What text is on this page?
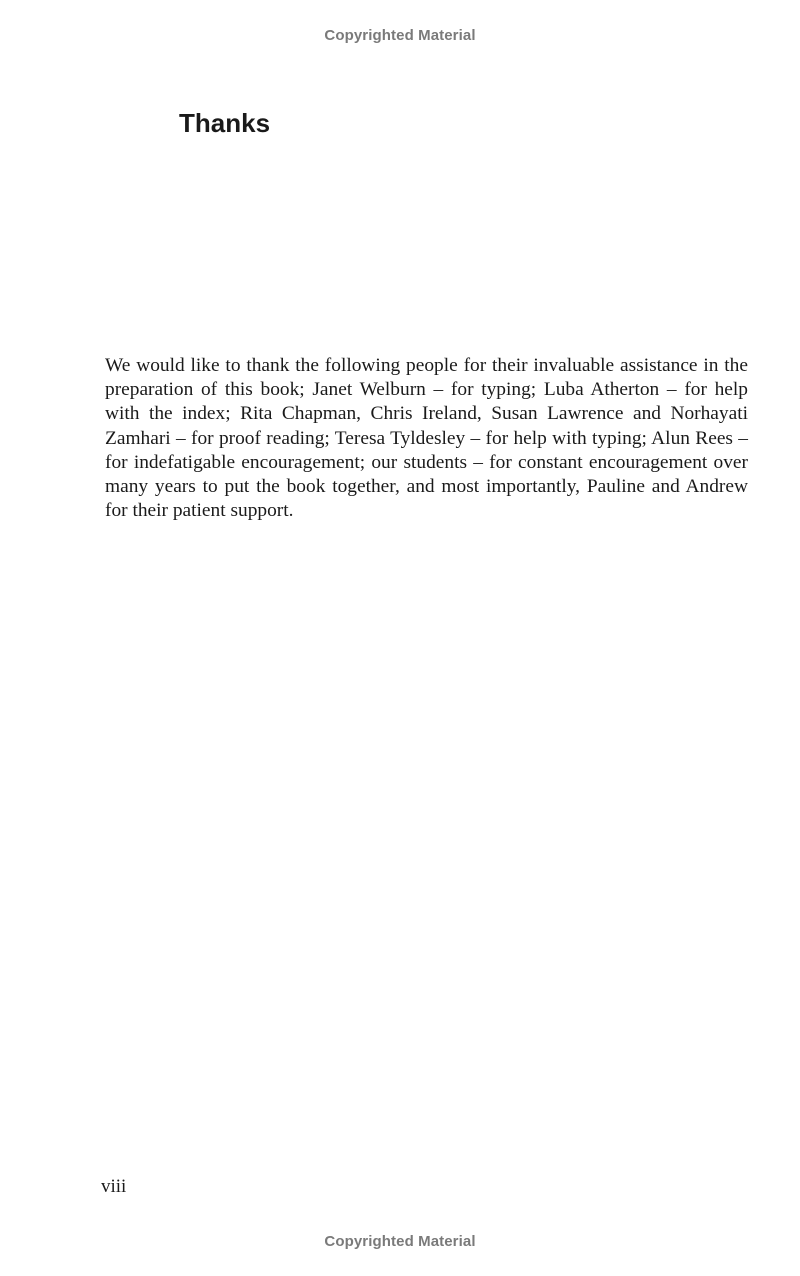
Copyrighted Material
Thanks

We would like to thank the following people for their invaluable assistance in the preparation of this book; Janet Welburn – for typing; Luba Atherton – for help with the index; Rita Chapman, Chris Ireland, Susan Lawrence and Norhayati Zamhari – for proof reading; Teresa Tyldesley – for help with typing; Alun Rees – for indefatigable encouragement; our students – for constant encouragement over many years to put the book together, and most importantly, Pauline and Andrew for their patient support.

viii
Copyrighted Material
